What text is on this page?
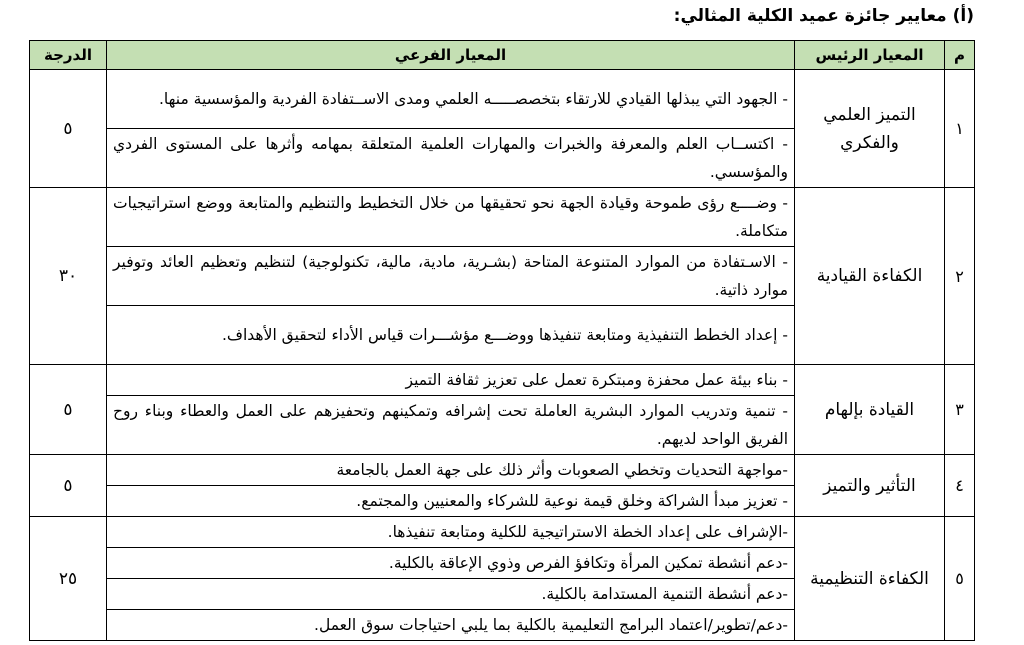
(أ) معايير جائزة عميد الكلية المثالي:
م	المعيار الرئيس	المعيار الفرعي	الدرجة
١	التميز العلمي والفكري	- الجهود التي يبذلها القيادي للارتقاء بتخصصـــــه العلمي ومدى الاســتفادة الفردية والمؤسسية منها.	٥
		- اكتســاب العلم والمعرفة والخبرات والمهارات العلمية المتعلقة بمهامه وأثرها على المستوى الفردي والمؤسسي.	
٢	الكفاءة القيادية	- وضــــع رؤى طموحة وقيادة الجهة نحو تحقيقها من خلال التخطيط والتنظيم والمتابعة ووضع استراتيجيات متكاملة.	٣٠
		- الاسـتفادة من الموارد المتنوعة المتاحة (بشـرية، مادية، مالية، تكنولوجية) لتنظيم وتعظيم العائد وتوفير موارد ذاتية.	
		- إعداد الخطط التنفيذية ومتابعة تنفيذها ووضـــع مؤشـــرات قياس الأداء لتحقيق الأهداف.	
٣	القيادة بإلهام	- بناء بيئة عمل محفزة ومبتكرة تعمل على تعزيز ثقافة التميز	٥
		- تنمية وتدريب الموارد البشرية العاملة تحت إشرافه وتمكينهم وتحفيزهم على العمل والعطاء وبناء روح الفريق الواحد لديهم.	
٤	التأثير والتميز	-مواجهة التحديات وتخطي الصعوبات وأثر ذلك على جهة العمل بالجامعة	٥
		- تعزيز مبدأ الشراكة وخلق قيمة نوعية للشركاء والمعنيين والمجتمع.	
٥	الكفاءة التنظيمية	-الإشراف على إعداد الخطة الاستراتيجية للكلية ومتابعة تنفيذها.	٢٥
		-دعم أنشطة تمكين المرأة وتكافؤ الفرص وذوي الإعاقة بالكلية.	
		-دعم أنشطة التنمية المستدامة بالكلية.	
		-دعم/تطوير/اعتماد البرامج التعليمية بالكلية بما يلبي احتياجات سوق العمل.	
